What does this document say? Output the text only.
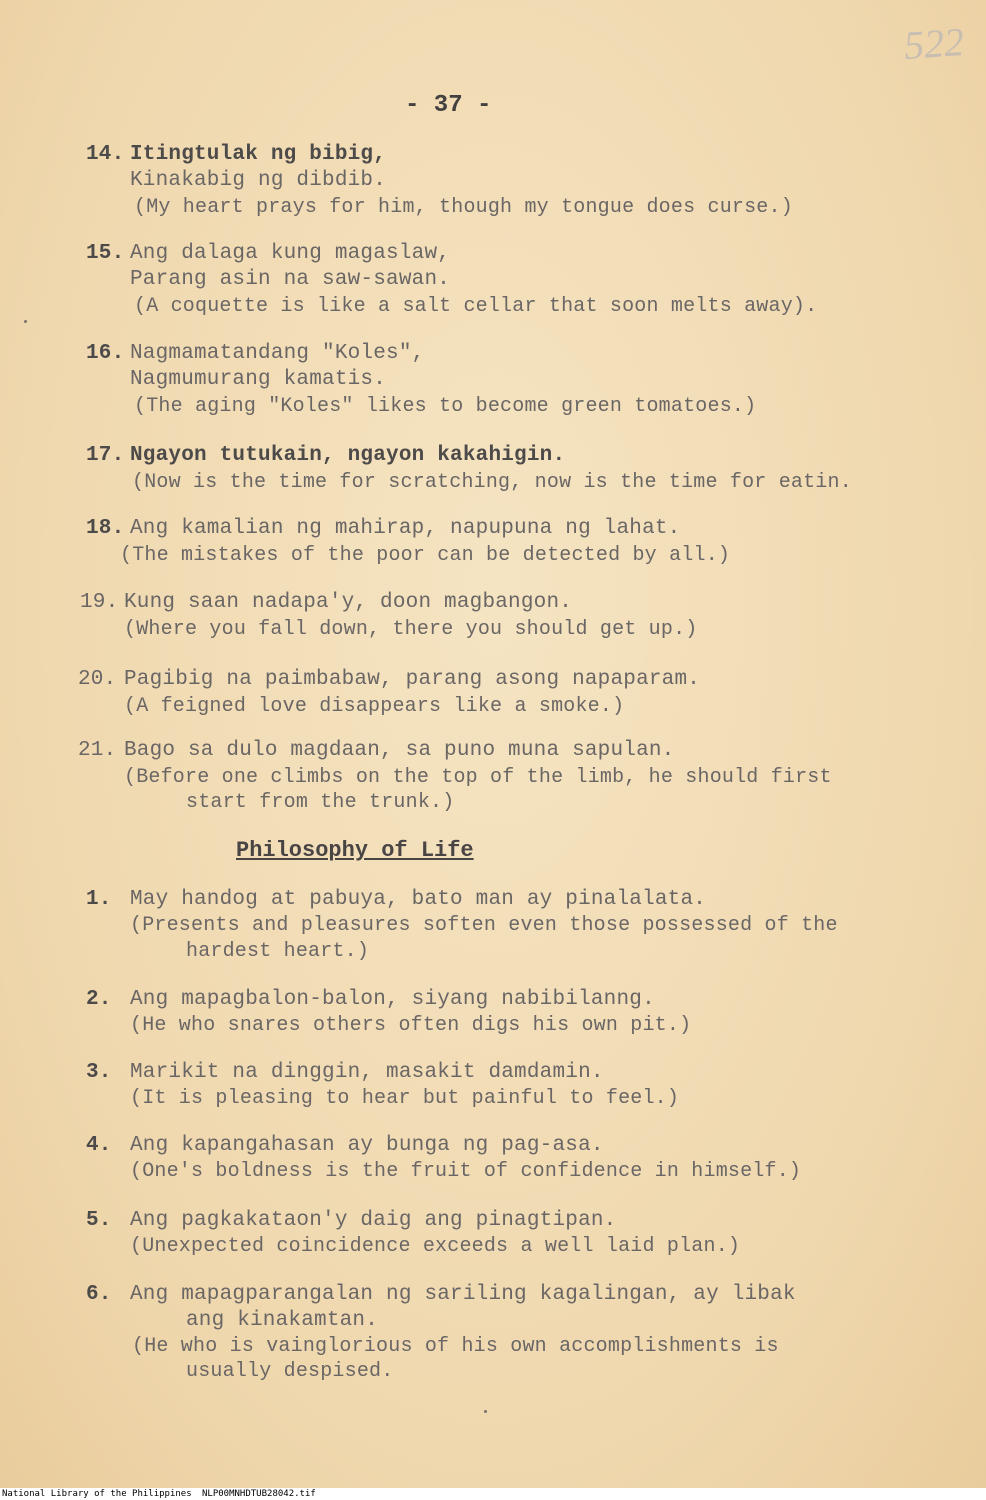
522
- 37 -
14. Itingtulak ng bibig,
Kinakabig ng dibdib.
(My heart prays for him, though my tongue does curse.)
15. Ang dalaga kung magaslaw,
Parang asin na saw-sawan.
(A coquette is like a salt cellar that soon melts away).
16. Nagmamatandang "Koles",
Nagmumurang kamatis.
(The aging "Koles" likes to become green tomatoes.)
17. Ngayon tutukain, ngayon kakahigin.
(Now is the time for scratching, now is the time for eatin.
18. Ang kamalian ng mahirap, napupuna ng lahat.
(The mistakes of the poor can be detected by all.)
19. Kung saan nadapa'y, doon magbangon.
(Where you fall down, there you should get up.)
20. Pagibig na paimbabaw, parang asong napaparam.
(A feigned love disappears like a smoke.)
21. Bago sa dulo magdaan, sa puno muna sapulan.
(Before one climbs on the top of the limb, he should first
start from the trunk.)
Philosophy of Life
1. May handog at pabuya, bato man ay pinalalata.
(Presents and pleasures soften even those possessed of the
hardest heart.)
2. Ang mapagbalon-balon, siyang nabibilanng.
(He who snares others often digs his own pit.)
3. Marikit na dinggin, masakit damdamin.
(It is pleasing to hear but painful to feel.)
4. Ang kapangahasan ay bunga ng pag-asa.
(One's boldness is the fruit of confidence in himself.)
5. Ang pagkakataon'y daig ang pinagtipan.
(Unexpected coincidence exceeds a well laid plan.)
6. Ang mapagparangalan ng sariling kagalingan, ay libak
ang kinakamtan.
(He who is vainglorious of his own accomplishments is
usually despised.
National Library of the Philippines NLP00MNHDTUB28042.tif
